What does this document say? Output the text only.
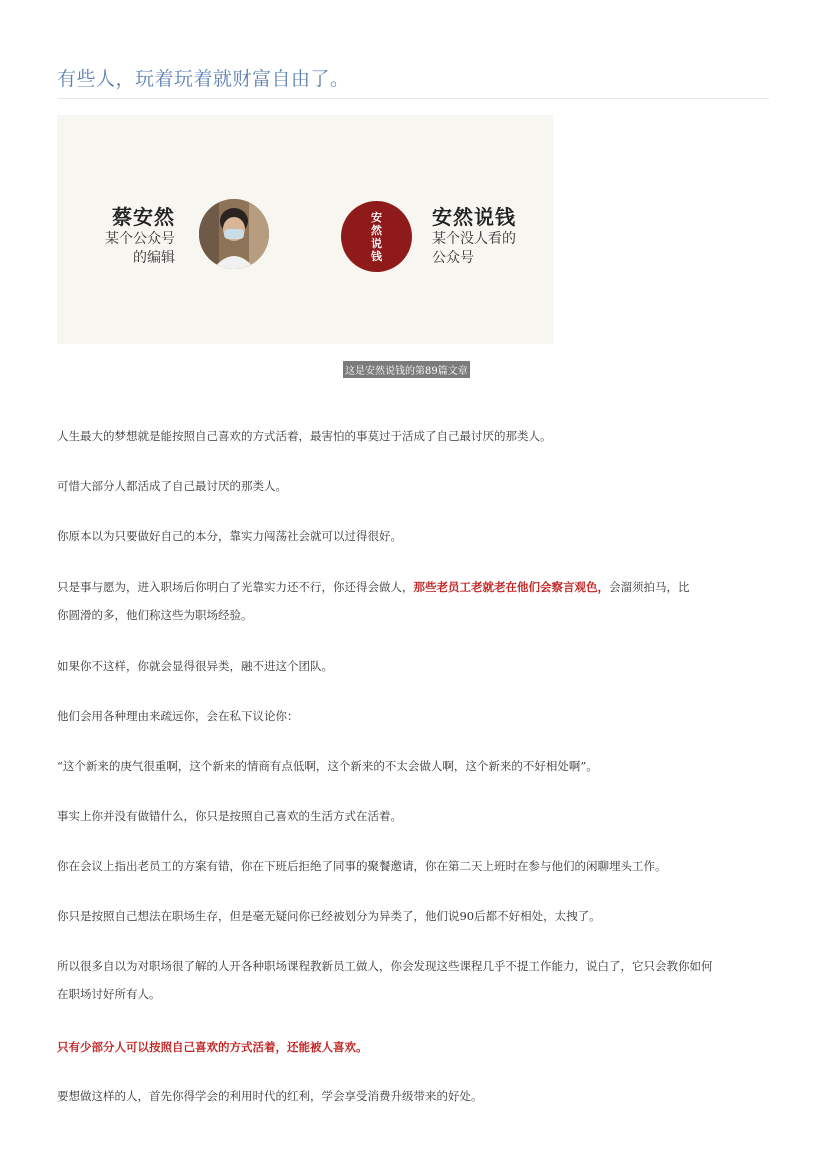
有些人，玩着玩着就财富自由了。
蔡安然
某个公众号
的编辑
安
然
说
钱
安然说钱
某个没人看的
公众号
这是安然说钱的第89篇文章

人生最大的梦想就是能按照自己喜欢的方式活着，最害怕的事莫过于活成了自己最讨厌的那类人。

可惜大部分人都活成了自己最讨厌的那类人。

你原本以为只要做好自己的本分，靠实力闯荡社会就可以过得很好。

只是事与愿为，进入职场后你明白了光靠实力还不行，你还得会做人，那些老员工老就老在他们会察言观色，会溜须拍马，比
你圆滑的多，他们称这些为职场经验。

如果你不这样，你就会显得很异类，融不进这个团队。

他们会用各种理由来疏远你，会在私下议论你：

“这个新来的庚气很重啊，这个新来的情商有点低啊，这个新来的不太会做人啊，这个新来的不好相处啊”。

事实上你并没有做错什么，你只是按照自己喜欢的生活方式在活着。

你在会议上指出老员工的方案有错，你在下班后拒绝了同事的聚餐邀请，你在第二天上班时在参与他们的闲聊埋头工作。

你只是按照自己想法在职场生存，但是毫无疑问你已经被划分为异类了，他们说90后都不好相处，太拽了。

所以很多自以为对职场很了解的人开各种职场课程教新员工做人，你会发现这些课程几乎不提工作能力，说白了，它只会教你如何
在职场讨好所有人。

只有少部分人可以按照自己喜欢的方式活着，还能被人喜欢。

要想做这样的人，首先你得学会的利用时代的红利，学会享受消费升级带来的好处。
